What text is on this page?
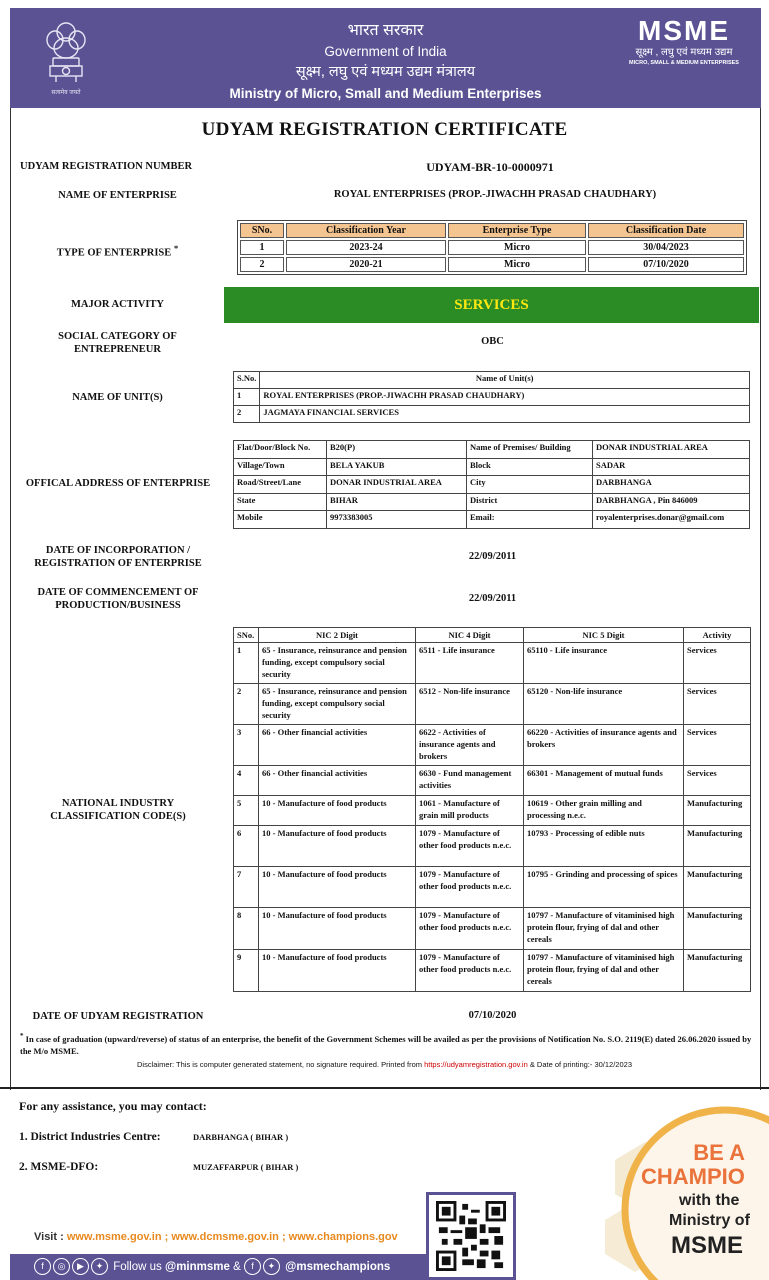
सत्यमेव जयते
भारत सरकार
Government of India
सूक्ष्म, लघु एवं मध्यम उद्यम मंत्रालय
Ministry of Micro, Small and Medium Enterprises
MSME
सूक्ष्म , लघु एवं मध्यम उद्यम
MICRO, SMALL & MEDIUM ENTERPRISES
UDYAM REGISTRATION CERTIFICATE
UDYAM REGISTRATION NUMBER	UDYAM-BR-10-0000971
NAME OF ENTERPRISE	ROYAL ENTERPRISES (PROP.-JIWACHH PRASAD CHAUDHARY)
TYPE OF ENTERPRISE *
SNo.	Classification Year	Enterprise Type	Classification Date
1	2023-24	Micro	30/04/2023
2	2020-21	Micro	07/10/2020
MAJOR ACTIVITY	SERVICES
SOCIAL CATEGORY OF
ENTREPRENEUR
OBC
NAME OF UNIT(S)
S.No.	Name of Unit(s)
1	ROYAL ENTERPRISES (PROP.-JIWACHH PRASAD CHAUDHARY)
2	JAGMAYA FINANCIAL SERVICES
OFFICAL ADDRESS OF ENTERPRISE
Flat/Door/Block No.	B20(P)	Name of Premises/ Building	DONAR INDUSTRIAL AREA
Village/Town	BELA YAKUB	Block	SADAR
Road/Street/Lane	DONAR INDUSTRIAL AREA	City	DARBHANGA
State	BIHAR	District	DARBHANGA , Pin 846009
Mobile	9973383005	Email:	royalenterprises.donar@gmail.com
DATE OF INCORPORATION /
REGISTRATION OF ENTERPRISE
22/09/2011
DATE OF COMMENCEMENT OF
PRODUCTION/BUSINESS
22/09/2011
NATIONAL INDUSTRY
CLASSIFICATION CODE(S)
SNo.	NIC 2 Digit	NIC 4 Digit	NIC 5 Digit	Activity
1	65 - Insurance, reinsurance and pension funding, except compulsory social security	6511 - Life insurance	65110 - Life insurance	Services
2	65 - Insurance, reinsurance and pension funding, except compulsory social security	6512 - Non-life insurance	65120 - Non-life insurance	Services
3	66 - Other financial activities	6622 - Activities of insurance agents and brokers	66220 - Activities of insurance agents and brokers	Services
4	66 - Other financial activities	6630 - Fund management activities	66301 - Management of mutual funds	Services
5	10 - Manufacture of food products	1061 - Manufacture of grain mill products	10619 - Other grain milling and processing n.e.c.	Manufacturing
6	10 - Manufacture of food products	1079 - Manufacture of other food products n.e.c.	10793 - Processing of edible nuts	Manufacturing
7	10 - Manufacture of food products	1079 - Manufacture of other food products n.e.c.	10795 - Grinding and processing of spices	Manufacturing
8	10 - Manufacture of food products	1079 - Manufacture of other food products n.e.c.	10797 - Manufacture of vitaminised high protein flour, frying of dal and other cereals	Manufacturing
9	10 - Manufacture of food products	1079 - Manufacture of other food products n.e.c.	10797 - Manufacture of vitaminised high protein flour, frying of dal and other cereals	Manufacturing
DATE OF UDYAM REGISTRATION	07/10/2020
* In case of graduation (upward/reverse) of status of an enterprise, the benefit of the Government Schemes will be availed as per the provisions of Notification No. S.O. 2119(E) dated 26.06.2020 issued by the M/o MSME.
Disclaimer: This is computer generated statement, no signature required. Printed from https://udyamregistration.gov.in & Date of printing:- 30/12/2023
For any assistance, you may contact:
1. District Industries Centre:	DARBHANGA ( BIHAR )
2. MSME-DFO:	MUZAFFARPUR ( BIHAR )
Visit : www.msme.gov.in ; www.dcmsme.gov.in ; www.champions.gov
f ◎ ▶ ✦ Follow us @minmsme & f ✦ @msmechampions
BE A
CHAMPIO
with the
Ministry of
MSME
